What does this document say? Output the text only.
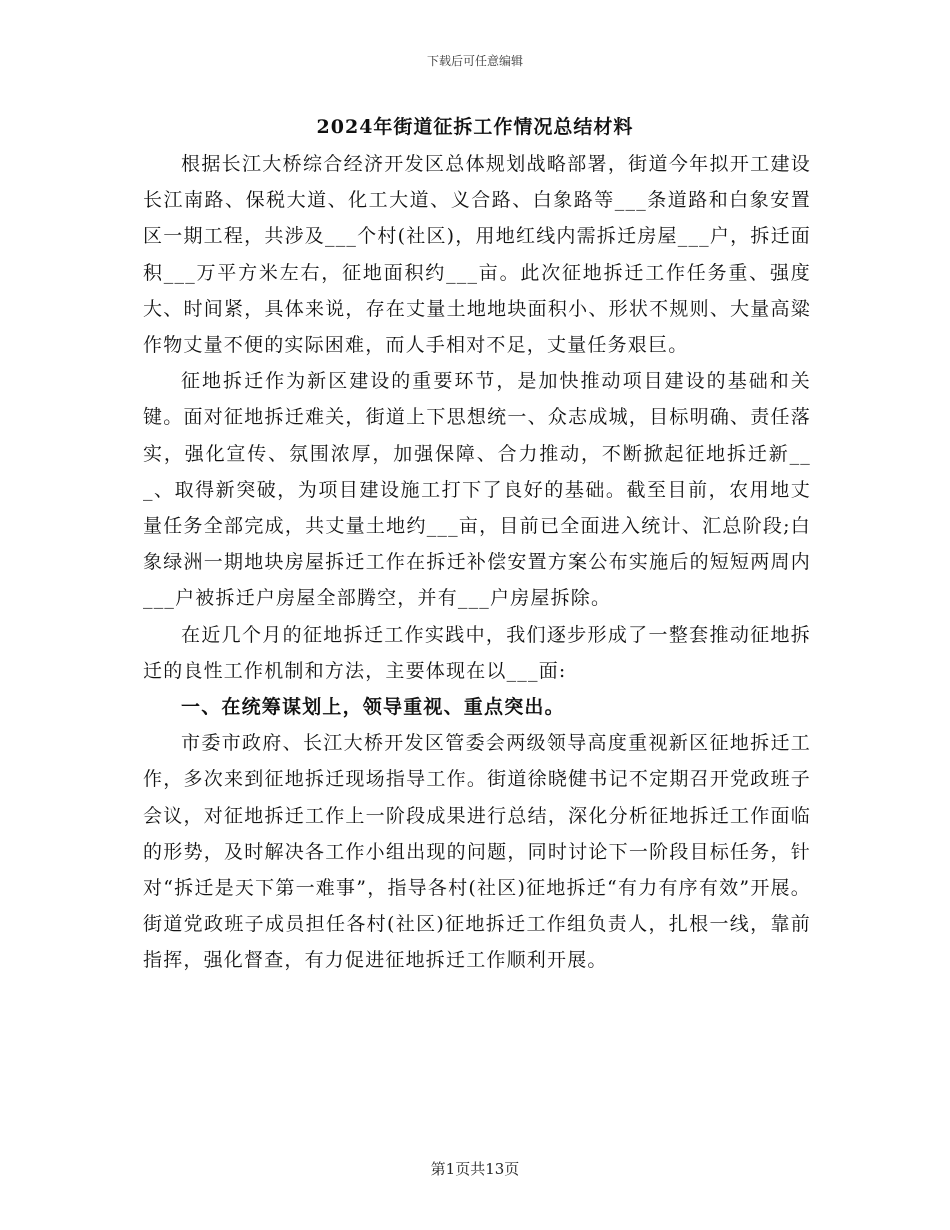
下载后可任意编辑
2024年街道征拆工作情况总结材料

根据长江大桥综合经济开发区总体规划战略部署，街道今年拟开工建设长江南路、保税大道、化工大道、义合路、白象路等___条道路和白象安置区一期工程，共涉及___个村(社区)，用地红线内需拆迁房屋___户，拆迁面积___万平方米左右，征地面积约___亩。此次征地拆迁工作任务重、强度大、时间紧，具体来说，存在丈量土地地块面积小、形状不规则、大量高粱作物丈量不便的实际困难，而人手相对不足，丈量任务艰巨。

征地拆迁作为新区建设的重要环节，是加快推动项目建设的基础和关键。面对征地拆迁难关，街道上下思想统一、众志成城，目标明确、责任落实，强化宣传、氛围浓厚，加强保障、合力推动，不断掀起征地拆迁新___、取得新突破，为项目建设施工打下了良好的基础。截至目前，农用地丈量任务全部完成，共丈量土地约___亩，目前已全面进入统计、汇总阶段;白象绿洲一期地块房屋拆迁工作在拆迁补偿安置方案公布实施后的短短两周内___户被拆迁户房屋全部腾空，并有___户房屋拆除。

在近几个月的征地拆迁工作实践中，我们逐步形成了一整套推动征地拆迁的良性工作机制和方法，主要体现在以___面:

一、在统筹谋划上，领导重视、重点突出。

市委市政府、长江大桥开发区管委会两级领导高度重视新区征地拆迁工作，多次来到征地拆迁现场指导工作。街道徐晓健书记不定期召开党政班子会议，对征地拆迁工作上一阶段成果进行总结，深化分析征地拆迁工作面临的形势，及时解决各工作小组出现的问题，同时讨论下一阶段目标任务，针对“拆迁是天下第一难事”，指导各村(社区)征地拆迁“有力有序有效”开展。街道党政班子成员担任各村(社区)征地拆迁工作组负责人，扎根一线，靠前指挥，强化督查，有力促进征地拆迁工作顺利开展。

第1页共13页
